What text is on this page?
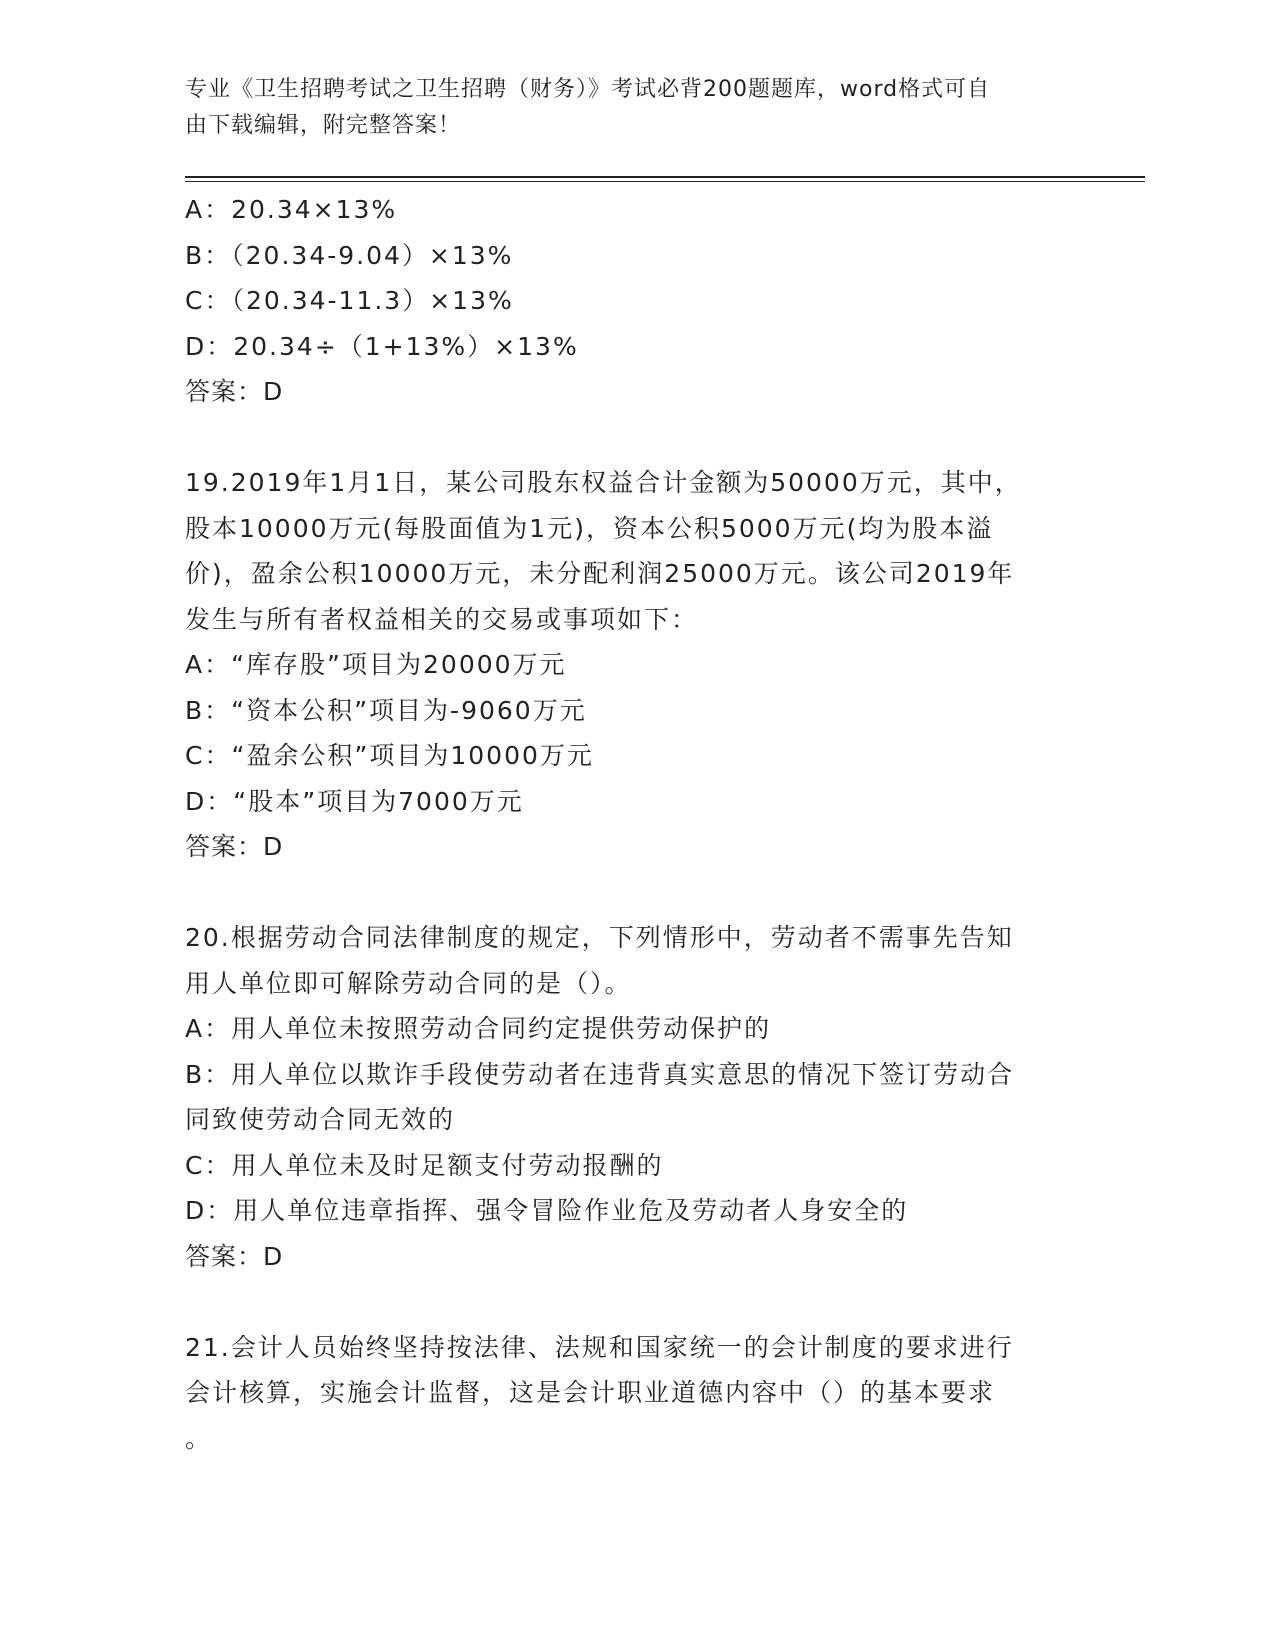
专业《卫生招聘考试之卫生招聘（财务）》考试必背200题题库，word格式可自
由下载编辑，附完整答案！
A：20.34×13%
B：（20.34-9.04）×13%
C：（20.34-11.3）×13%
D：20.34÷（1+13%）×13%
答案：D
19.2019年1月1日，某公司股东权益合计金额为50000万元，其中，
股本10000万元(每股面值为1元)，资本公积5000万元(均为股本溢
价)，盈余公积10000万元，未分配利润25000万元。该公司2019年
发生与所有者权益相关的交易或事项如下：
A：“库存股”项目为20000万元
B：“资本公积”项目为-9060万元
C：“盈余公积”项目为10000万元
D：“股本”项目为7000万元
答案：D
20.根据劳动合同法律制度的规定，下列情形中，劳动者不需事先告知
用人单位即可解除劳动合同的是（）。
A：用人单位未按照劳动合同约定提供劳动保护的
B：用人单位以欺诈手段使劳动者在违背真实意思的情况下签订劳动合
同致使劳动合同无效的
C：用人单位未及时足额支付劳动报酬的
D：用人单位违章指挥、强令冒险作业危及劳动者人身安全的
答案：D
21.会计人员始终坚持按法律、法规和国家统一的会计制度的要求进行
会计核算，实施会计监督，这是会计职业道德内容中（）的基本要求
。
